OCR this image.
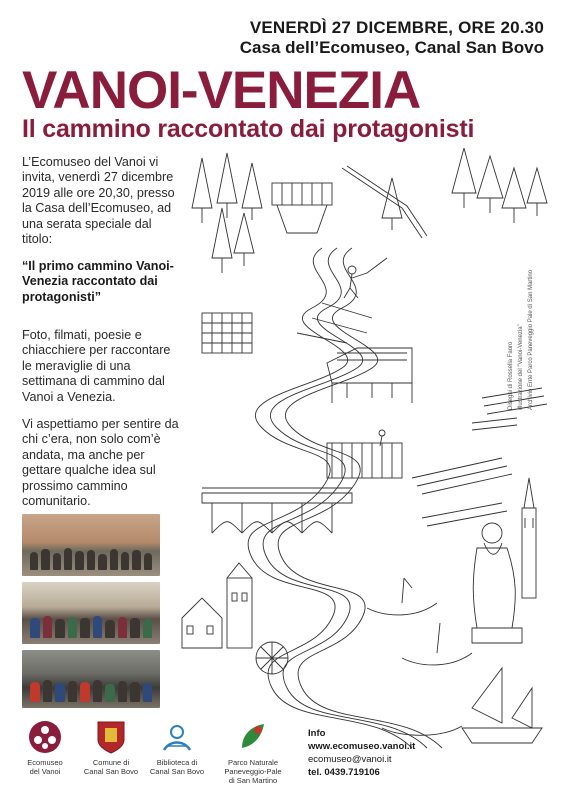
VENERDÌ 27 DICEMBRE, ORE 20.30
Casa dell’Ecomuseo, Canal San Bovo
VANOI-VENEZIA
Il cammino raccontato dai protagonisti
L’Ecomuseo del Vanoi vi invita, venerdì 27 dicembre 2019 alle ore 20,30, presso la Casa dell’Ecomuseo, ad una serata speciale dal titolo:
“Il primo cammino Vanoi-Venezia raccontato dai protagonisti”
Foto, filmati, poesie e chiacchiere per raccontare le meraviglie di una settimana di cammino dal Vanoi a Venezia.
Vi aspettiamo per sentire da chi c’era, non solo com’è andata, ma anche per gettare qualche idea sul prossimo cammino comunitario.
Disegni di Rossella Faoro Illustrazione del “Vanoi-Venezia” Archivio Ente Parco Paneveggio Pale di San Martino
Ecomuseo
del Vanoi
Comune di
Canal San Bovo
Biblioteca di
Canal San Bovo
Parco Naturale
Paneveggio-Pale
di San Martino
Info
www.ecomuseo.vanoi.it
ecomuseo@vanoi.it
tel. 0439.719106
